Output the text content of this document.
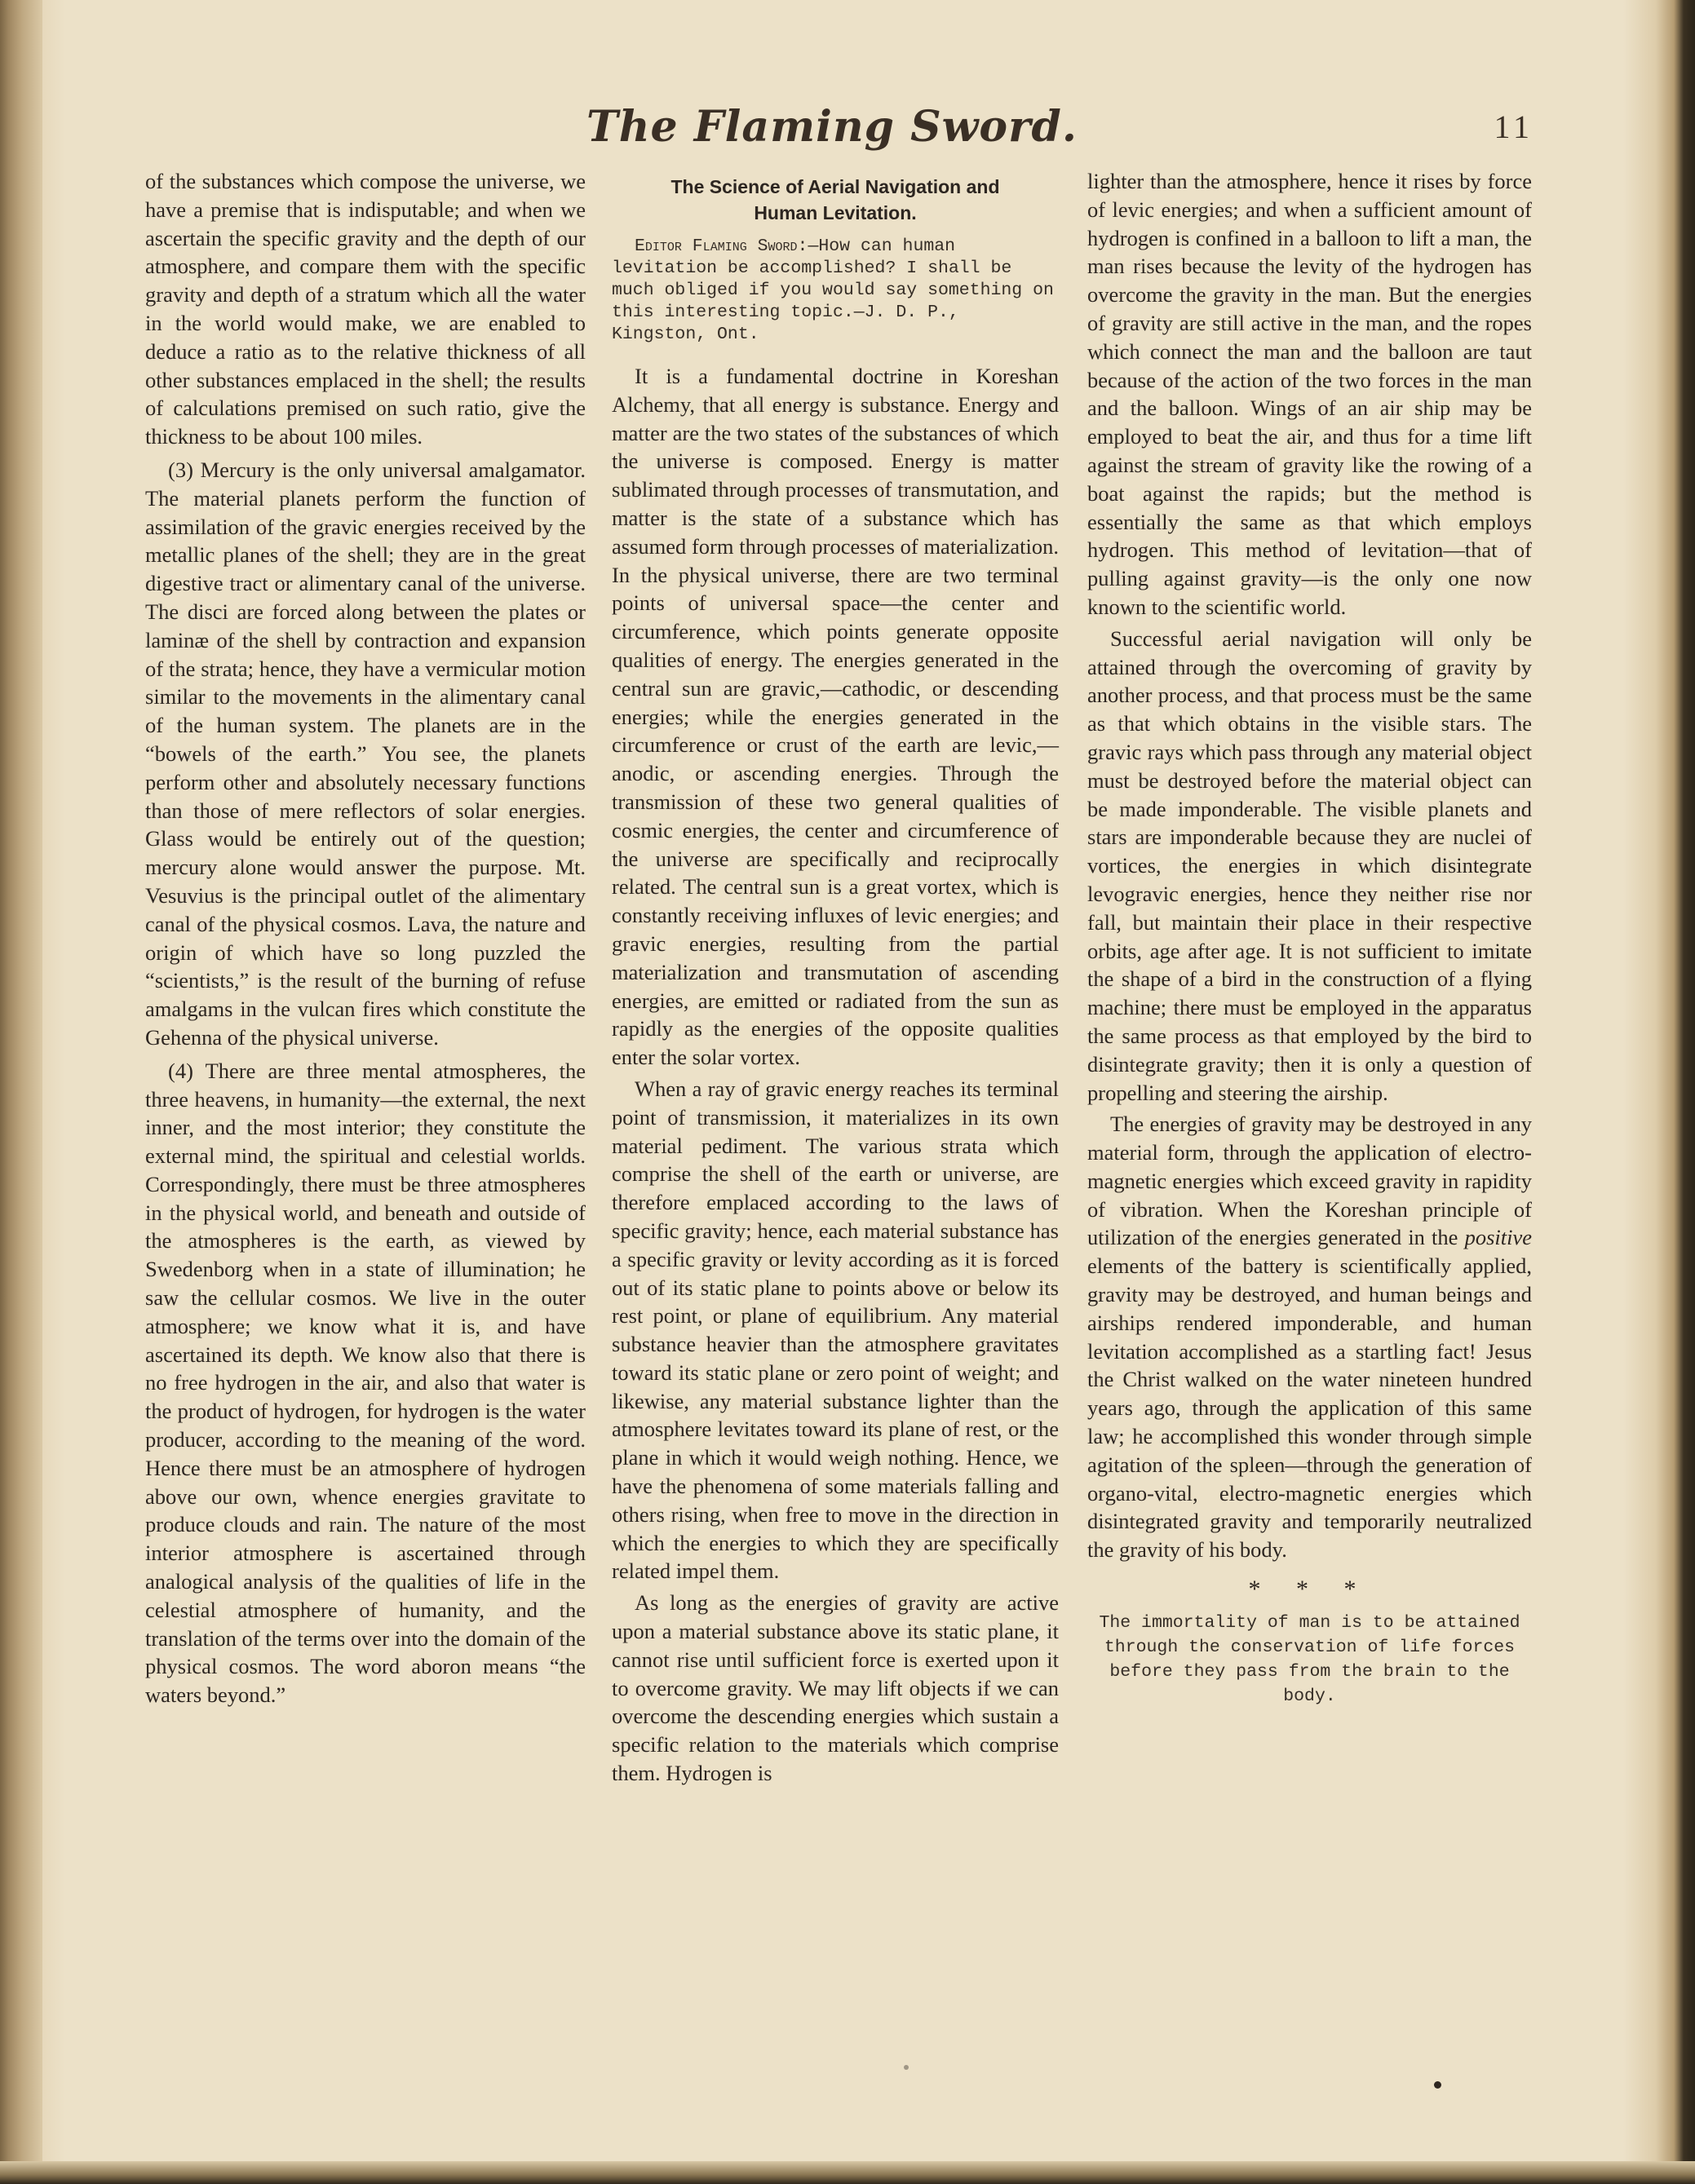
The Flaming Sword.	11

of the substances which compose the universe, we have a premise that is indisputable; and when we ascertain the specific gravity and the depth of our atmosphere, and compare them with the specific gravity and depth of a stratum which all the water in the world would make, we are enabled to deduce a ratio as to the relative thickness of all other substances emplaced in the shell; the results of calculations premised on such ratio, give the thickness to be about 100 miles.

(3) Mercury is the only universal amalgamator. The material planets perform the function of assimilation of the gravic energies received by the metallic planes of the shell; they are in the great digestive tract or alimentary canal of the universe. The disci are forced along between the plates or laminæ of the shell by contraction and expansion of the strata; hence, they have a vermicular motion similar to the movements in the alimentary canal of the human system. The planets are in the “bowels of the earth.” You see, the planets perform other and absolutely necessary functions than those of mere reflectors of solar energies. Glass would be entirely out of the question; mercury alone would answer the purpose. Mt. Vesuvius is the principal outlet of the alimentary canal of the physical cosmos. Lava, the nature and origin of which have so long puzzled the “scientists,” is the result of the burning of refuse amalgams in the vulcan fires which constitute the Gehenna of the physical universe.

(4) There are three mental atmospheres, the three heavens, in humanity—the external, the next inner, and the most interior; they constitute the external mind, the spiritual and celestial worlds. Correspondingly, there must be three atmospheres in the physical world, and beneath and outside of the atmospheres is the earth, as viewed by Swedenborg when in a state of illumination; he saw the cellular cosmos. We live in the outer atmosphere; we know what it is, and have ascertained its depth. We know also that there is no free hydrogen in the air, and also that water is the product of hydrogen, for hydrogen is the water producer, according to the meaning of the word. Hence there must be an atmosphere of hydrogen above our own, whence energies gravitate to produce clouds and rain. The nature of the most interior atmosphere is ascertained through analogical analysis of the qualities of life in the celestial atmosphere of humanity, and the translation of the terms over into the domain of the physical cosmos. The word aboron means “the waters beyond.”

The Science of Aerial Navigation and
Human Levitation.
Editor Flaming Sword:—How can human levitation be accomplished? I shall be much obliged if you would say something on this interesting topic.—J. D. P., Kingston, Ont.

It is a fundamental doctrine in Koreshan Alchemy, that all energy is substance. Energy and matter are the two states of the substances of which the universe is composed. Energy is matter sublimated through processes of transmutation, and matter is the state of a substance which has assumed form through processes of materialization. In the physical universe, there are two terminal points of universal space—the center and circumference, which points generate opposite qualities of energy. The energies generated in the central sun are gravic,—cathodic, or descending energies; while the energies generated in the circumference or crust of the earth are levic,—anodic, or ascending energies. Through the transmission of these two general qualities of cosmic energies, the center and circumference of the universe are specifically and reciprocally related. The central sun is a great vortex, which is constantly receiving influxes of levic energies; and gravic energies, resulting from the partial materialization and transmutation of ascending energies, are emitted or radiated from the sun as rapidly as the energies of the opposite qualities enter the solar vortex.

When a ray of gravic energy reaches its terminal point of transmission, it materializes in its own material pediment. The various strata which comprise the shell of the earth or universe, are therefore emplaced according to the laws of specific gravity; hence, each material substance has a specific gravity or levity according as it is forced out of its static plane to points above or below its rest point, or plane of equilibrium. Any material substance heavier than the atmosphere gravitates toward its static plane or zero point of weight; and likewise, any material substance lighter than the atmosphere levitates toward its plane of rest, or the plane in which it would weigh nothing. Hence, we have the phenomena of some materials falling and others rising, when free to move in the direction in which the energies to which they are specifically related impel them.

As long as the energies of gravity are active upon a material substance above its static plane, it cannot rise until sufficient force is exerted upon it to overcome gravity. We may lift objects if we can overcome the descending energies which sustain a specific relation to the materials which comprise them. Hydrogen is

lighter than the atmosphere, hence it rises by force of levic energies; and when a sufficient amount of hydrogen is confined in a balloon to lift a man, the man rises because the levity of the hydrogen has overcome the gravity in the man. But the energies of gravity are still active in the man, and the ropes which connect the man and the balloon are taut because of the action of the two forces in the man and the balloon. Wings of an air ship may be employed to beat the air, and thus for a time lift against the stream of gravity like the rowing of a boat against the rapids; but the method is essentially the same as that which employs hydrogen. This method of levitation—that of pulling against gravity—is the only one now known to the scientific world.

Successful aerial navigation will only be attained through the overcoming of gravity by another process, and that process must be the same as that which obtains in the visible stars. The gravic rays which pass through any material object must be destroyed before the material object can be made imponderable. The visible planets and stars are imponderable because they are nuclei of vortices, the energies in which disintegrate levogravic energies, hence they neither rise nor fall, but maintain their place in their respective orbits, age after age. It is not sufficient to imitate the shape of a bird in the construction of a flying machine; there must be employed in the apparatus the same process as that employed by the bird to disintegrate gravity; then it is only a question of propelling and steering the airship.

The energies of gravity may be destroyed in any material form, through the application of electro-magnetic energies which exceed gravity in rapidity of vibration. When the Koreshan principle of utilization of the energies generated in the positive elements of the battery is scientifically applied, gravity may be destroyed, and human beings and airships rendered imponderable, and human levitation accomplished as a startling fact! Jesus the Christ walked on the water nineteen hundred years ago, through the application of this same law; he accomplished this wonder through simple agitation of the spleen—through the generation of organo-vital, electro-magnetic energies which disintegrated gravity and temporarily neutralized the gravity of his body.

* * *
The immortality of man is to be attained through the conservation of life forces before they pass from the brain to the body.
